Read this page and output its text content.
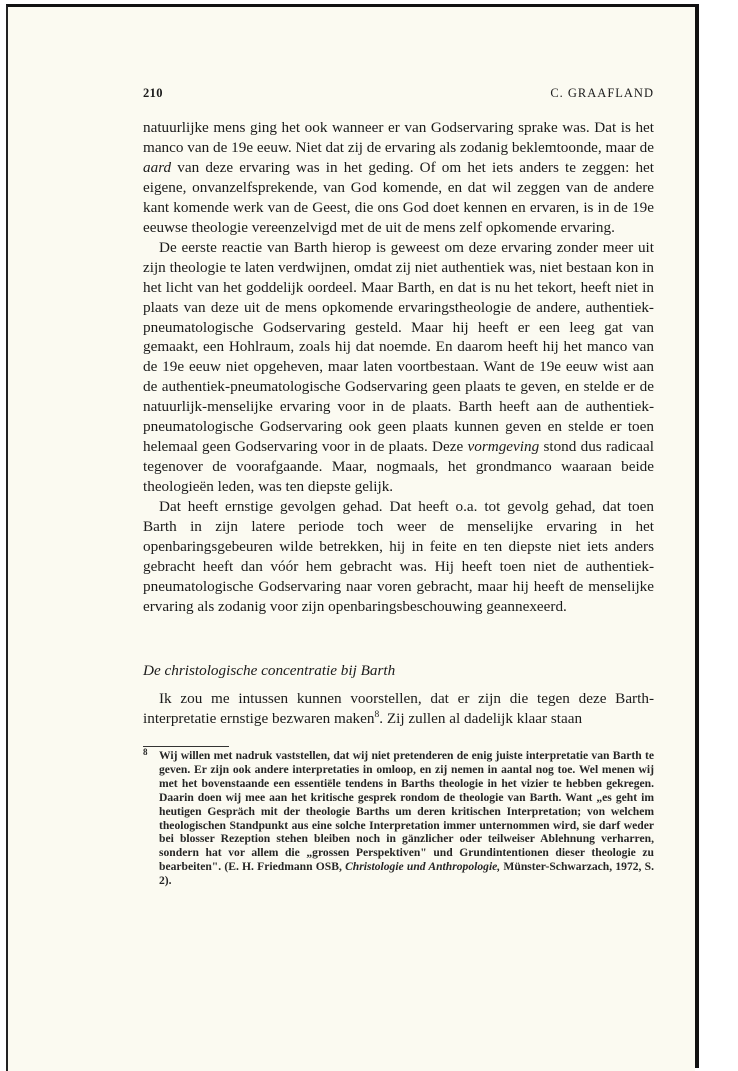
210	C. GRAAFLAND

natuurlijke mens ging het ook wanneer er van Godservaring sprake was. Dat is het manco van de 19e eeuw. Niet dat zij de ervaring als zodanig beklemtoonde, maar de aard van deze ervaring was in het geding. Of om het iets anders te zeggen: het eigene, onvanzelfsprekende, van God komende, en dat wil zeggen van de andere kant komende werk van de Geest, die ons God doet kennen en ervaren, is in de 19e eeuwse theologie vereenzelvigd met de uit de mens zelf opkomende ervaring.

De eerste reactie van Barth hierop is geweest om deze ervaring zonder meer uit zijn theologie te laten verdwijnen, omdat zij niet authentiek was, niet bestaan kon in het licht van het goddelijk oordeel. Maar Barth, en dat is nu het tekort, heeft niet in plaats van deze uit de mens opkomende ervaringstheologie de andere, authentiek-pneumatologische Godservaring gesteld. Maar hij heeft er een leeg gat van gemaakt, een Hohlraum, zoals hij dat noemde. En daarom heeft hij het manco van de 19e eeuw niet opgeheven, maar laten voortbestaan. Want de 19e eeuw wist aan de authentiek-pneumatologische Godservaring geen plaats te geven, en stelde er de natuurlijk-menselijke ervaring voor in de plaats. Barth heeft aan de authentiek-pneumatologische Godservaring ook geen plaats kunnen geven en stelde er toen helemaal geen Godservaring voor in de plaats. Deze vormgeving stond dus radicaal tegenover de voorafgaande. Maar, nogmaals, het grondmanco waaraan beide theologieën leden, was ten diepste gelijk.

Dat heeft ernstige gevolgen gehad. Dat heeft o.a. tot gevolg gehad, dat toen Barth in zijn latere periode toch weer de menselijke ervaring in het openbaringsgebeuren wilde betrekken, hij in feite en ten diepste niet iets anders gebracht heeft dan vóór hem gebracht was. Hij heeft toen niet de authentiek-pneumatologische Godservaring naar voren gebracht, maar hij heeft de menselijke ervaring als zodanig voor zijn openbaringsbeschouwing geannexeerd.

De christologische concentratie bij Barth

Ik zou me intussen kunnen voorstellen, dat er zijn die tegen deze Barthinterpretatie ernstige bezwaren maken$^8$. Zij zullen al dadelijk klaar staan

8 Wij willen met nadruk vaststellen, dat wij niet pretenderen de enig juiste interpretatie van Barth te geven. Er zijn ook andere interpretaties in omloop, en zij nemen in aantal nog toe. Wel menen wij met het bovenstaande een essentiële tendens in Barths theologie in het vizier te hebben gekregen. Daarin doen wij mee aan het kritische gesprek rondom de theologie van Barth. Want „es geht im heutigen Gespräch mit der theologie Barths um deren kritischen Interpretation; von welchem theologischen Standpunkt aus eine solche Interpretation immer unternommen wird, sie darf weder bei blosser Rezeption stehen bleiben noch in gänzlicher oder teilweiser Ablehnung verharren, sondern hat vor allem die „grossen Perspektiven" und Grundintentionen dieser theologie zu bearbeiten". (E. H. Friedmann OSB, Christologie und Anthropologie, Münster-Schwarzach, 1972, S. 2).
